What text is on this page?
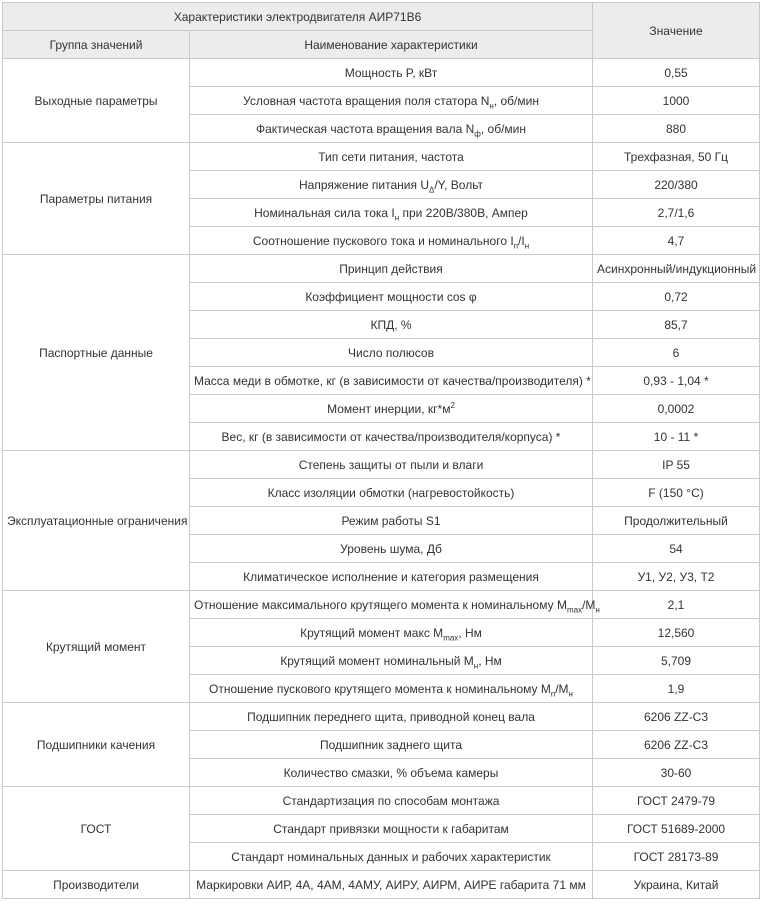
Характеристики электродвигателя АИР71В6		Значение
Группа значений	Наименование характеристики	
Выходные параметры	Мощность P, кВт	0,55
	Условная частота вращения поля статора $N_н$, об/мин	1000
	Фактическая частота вращения вала $N_ф$, об/мин	880
Параметры питания	Тип сети питания, частота	Трехфазная, 50 Гц
	Напряжение питания $U_\Delta/Y$, Вольт	220/380
	Номинальная сила тока $I_н$ при 220В/380В, Ампер	2,7/1,6
	Соотношение пускового тока и номинального $I_п/I_н$	4,7
Паспортные данные	Принцип действия	Асинхронный/индукционный
	Коэффициент мощности cos φ	0,72
	КПД, %	85,7
	Число полюсов	6
	Масса меди в обмотке, кг (в зависимости от качества/производителя) *	0,93 - 1,04 *
	Момент инерции, $кг*м^2$	0,0002
	Вес, кг (в зависимости от качества/производителя/корпуса) *	10 - 11 *
Эксплуатационные ограничения	Степень защиты от пыли и влаги	IP 55
	Класс изоляции обмотки (нагревостойкость)	F (150 °C)
	Режим работы S1	Продолжительный
	Уровень шума, Дб	54
	Климатическое исполнение и категория размещения	У1, У2, У3, Т2
Крутящий момент	Отношение максимального крутящего момента к номинальному $M_{max}/M_н$	2,1
	Крутящий момент макс $M_{max}$, Нм	12,560
	Крутящий момент номинальный $M_н$, Нм	5,709
	Отношение пускового крутящего момента к номинальному $M_п/M_н$	1,9
Подшипники качения	Подшипник переднего щита, приводной конец вала	6206 ZZ-C3
	Подшипник заднего щита	6206 ZZ-C3
	Количество смазки, % объема камеры	30-60
ГОСТ	Стандартизация по способам монтажа	ГОСТ 2479-79
	Стандарт привязки мощности к габаритам	ГОСТ 51689-2000
	Стандарт номинальных данных и рабочих характеристик	ГОСТ 28173-89
Производители	Маркировки АИР, 4А, 4АМ, 4АМУ, АИРУ, АИРМ, АИРЕ габарита 71 мм	Украина, Китай
